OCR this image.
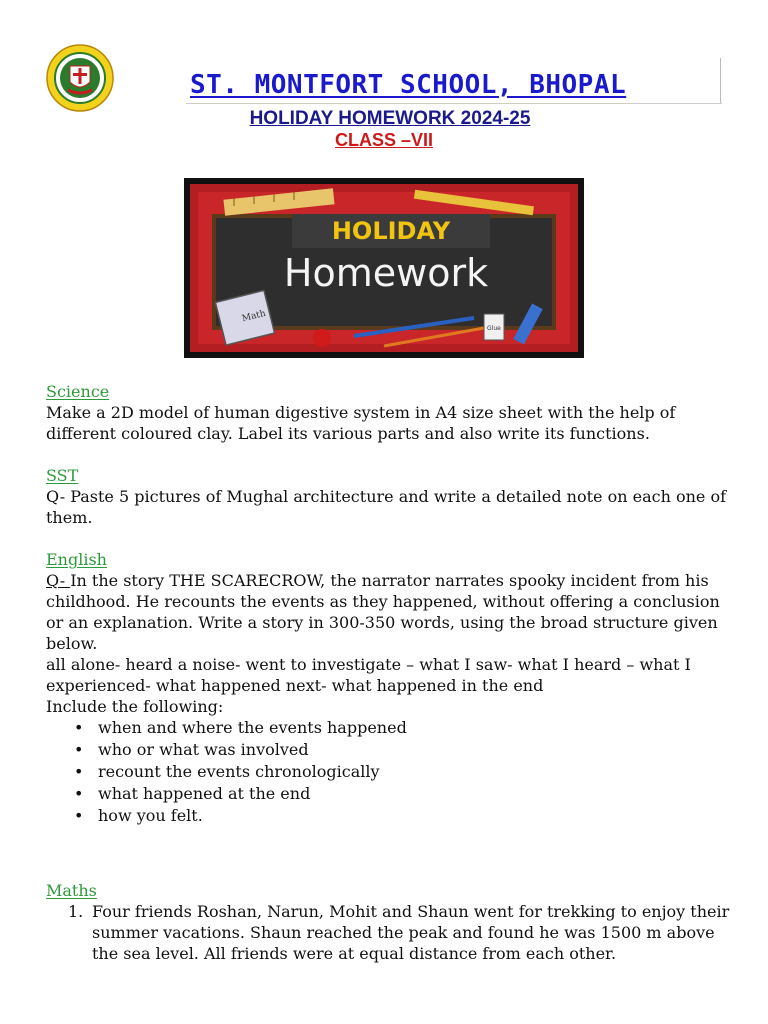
ST. MONTFORT SCHOOL, BHOPAL
HOLIDAY HOMEWORK 2024-25
CLASS –VII
HOLIDAY
Homework
Math
Glue
Science

Make a 2D model of human digestive system in A4 size sheet with the help of different coloured clay. Label its various parts and also write its functions.

SST

Q- Paste 5 pictures of Mughal architecture and write a detailed note on each one of them.

English

Q- In the story THE SCARECROW, the narrator narrates spooky incident from his childhood. He recounts the events as they happened, without offering a conclusion or an explanation. Write a story in 300-350 words, using the broad structure given below.

all alone- heard a noise- went to investigate – what I saw- what I heard – what I experienced- what happened next- what happened in the end

Include the following:

• when and where the events happened
• who or what was involved
• recount the events chronologically
• what happened at the end
• how you felt.
Maths
1. Four friends Roshan, Narun, Mohit and Shaun went for trekking to enjoy their summer vacations. Shaun reached the peak and found he was 1500 m above the sea level. All friends were at equal distance from each other.
